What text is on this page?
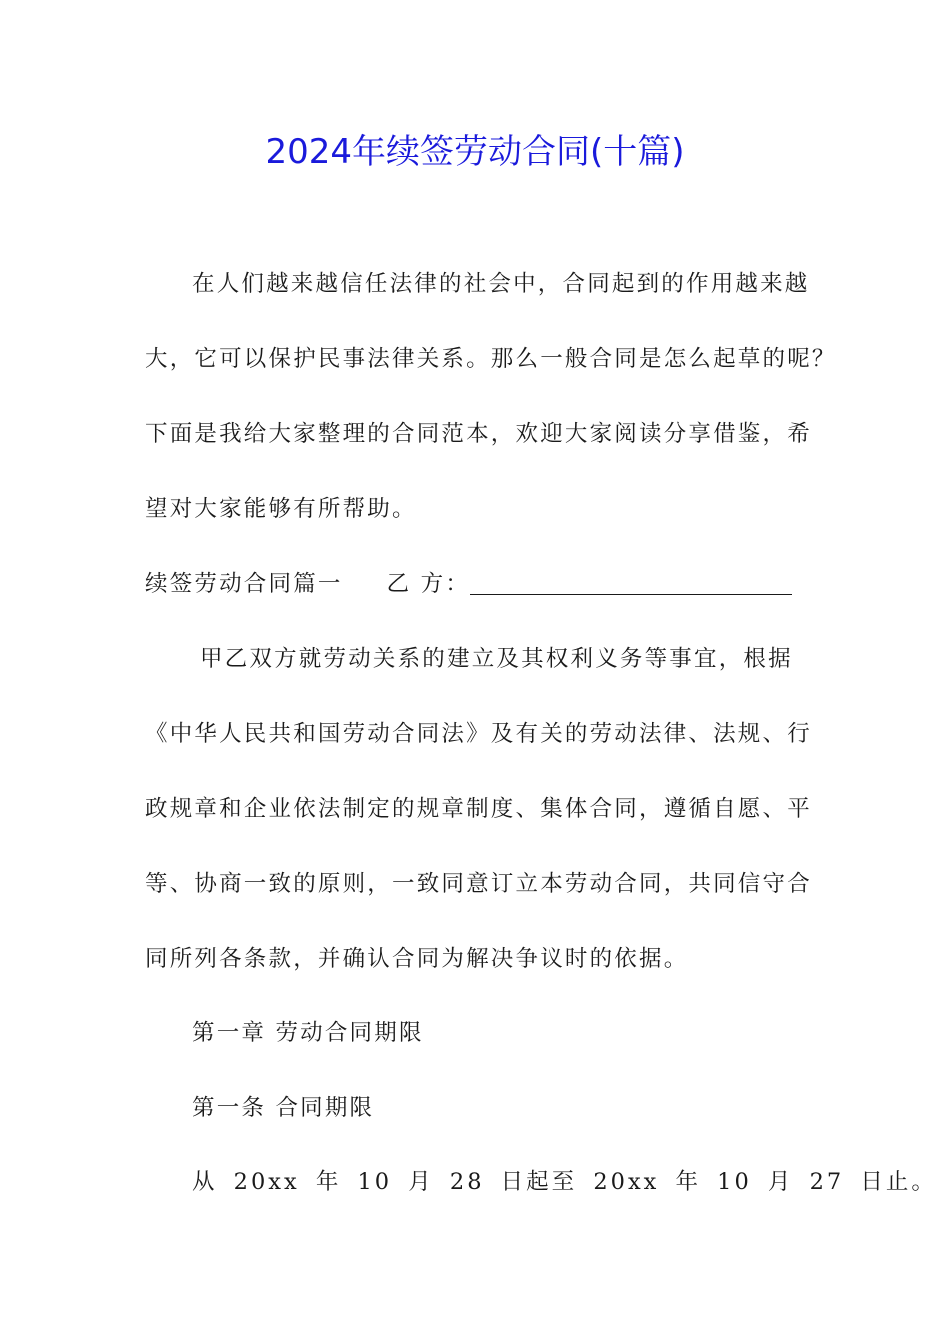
2024年续签劳动合同(十篇)
在人们越来越信任法律的社会中，合同起到的作用越来越
大，它可以保护民事法律关系。那么一般合同是怎么起草的呢？
下面是我给大家整理的合同范本，欢迎大家阅读分享借鉴，希
望对大家能够有所帮助。
续签劳动合同篇一 乙 方：
甲乙双方就劳动关系的建立及其权利义务等事宜，根据
《中华人民共和国劳动合同法》及有关的劳动法律、法规、行
政规章和企业依法制定的规章制度、集体合同，遵循自愿、平
等、协商一致的原则，一致同意订立本劳动合同，共同信守合
同所列各条款，并确认合同为解决争议时的依据。
第一章 劳动合同期限
第一条 合同期限
从 20xx 年 10 月 28 日起至 20xx 年 10 月 27 日止。
